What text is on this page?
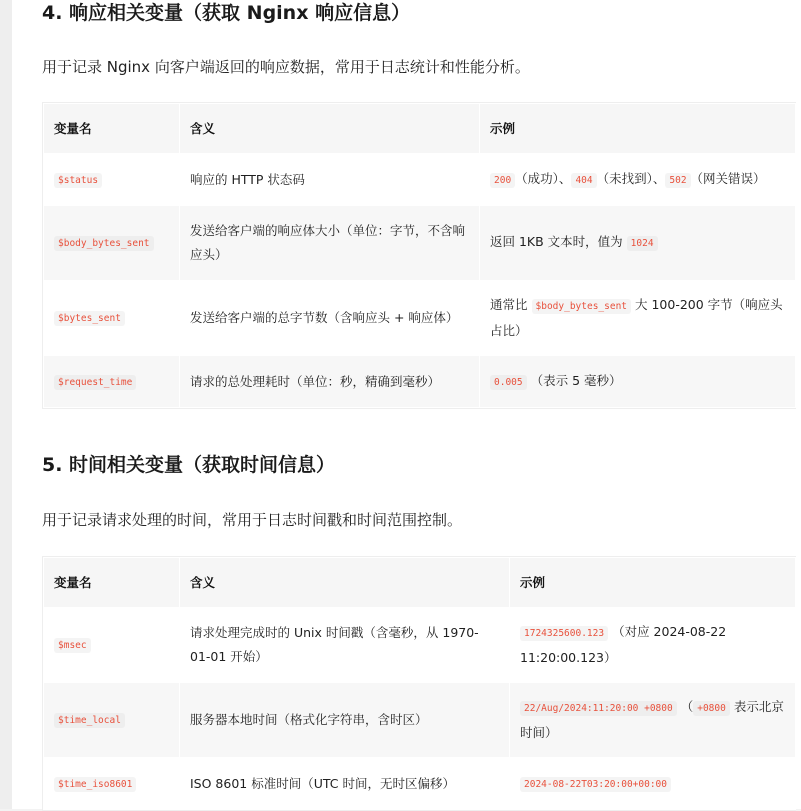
4. 响应相关变量（获取 Nginx 响应信息）

用于记录 Nginx 向客户端返回的响应数据，常用于日志统计和性能分析。

变量名	含义	示例
$status	响应的 HTTP 状态码	200 （成功）、 404 （未找到）、 502 （网关错误）
$body_bytes_sent	发送给客户端的响应体大小（单位：字节，不含响应头）	返回 1KB 文本时，值为 1024
$bytes_sent	发送给客户端的总字节数（含响应头 + 响应体）	通常比 $body_bytes_sent 大 100-200 字节（响应头占比）
$request_time	请求的总处理耗时（单位：秒，精确到毫秒）	0.005 （表示 5 毫秒）
5. 时间相关变量（获取时间信息）

用于记录请求处理的时间，常用于日志时间戳和时间范围控制。

变量名	含义	示例
$msec	请求处理完成时的 Unix 时间戳（含毫秒，从 1970-01-01 开始）	1724325600.123 （对应 2024-08-22 11:20:00.123）
$time_local	服务器本地时间（格式化字符串，含时区）	22/Aug/2024:11:20:00 +0800 （ +0800 表示北京时间）
$time_iso8601	ISO 8601 标准时间（UTC 时间，无时区偏移）	2024-08-22T03:20:00+00:00
